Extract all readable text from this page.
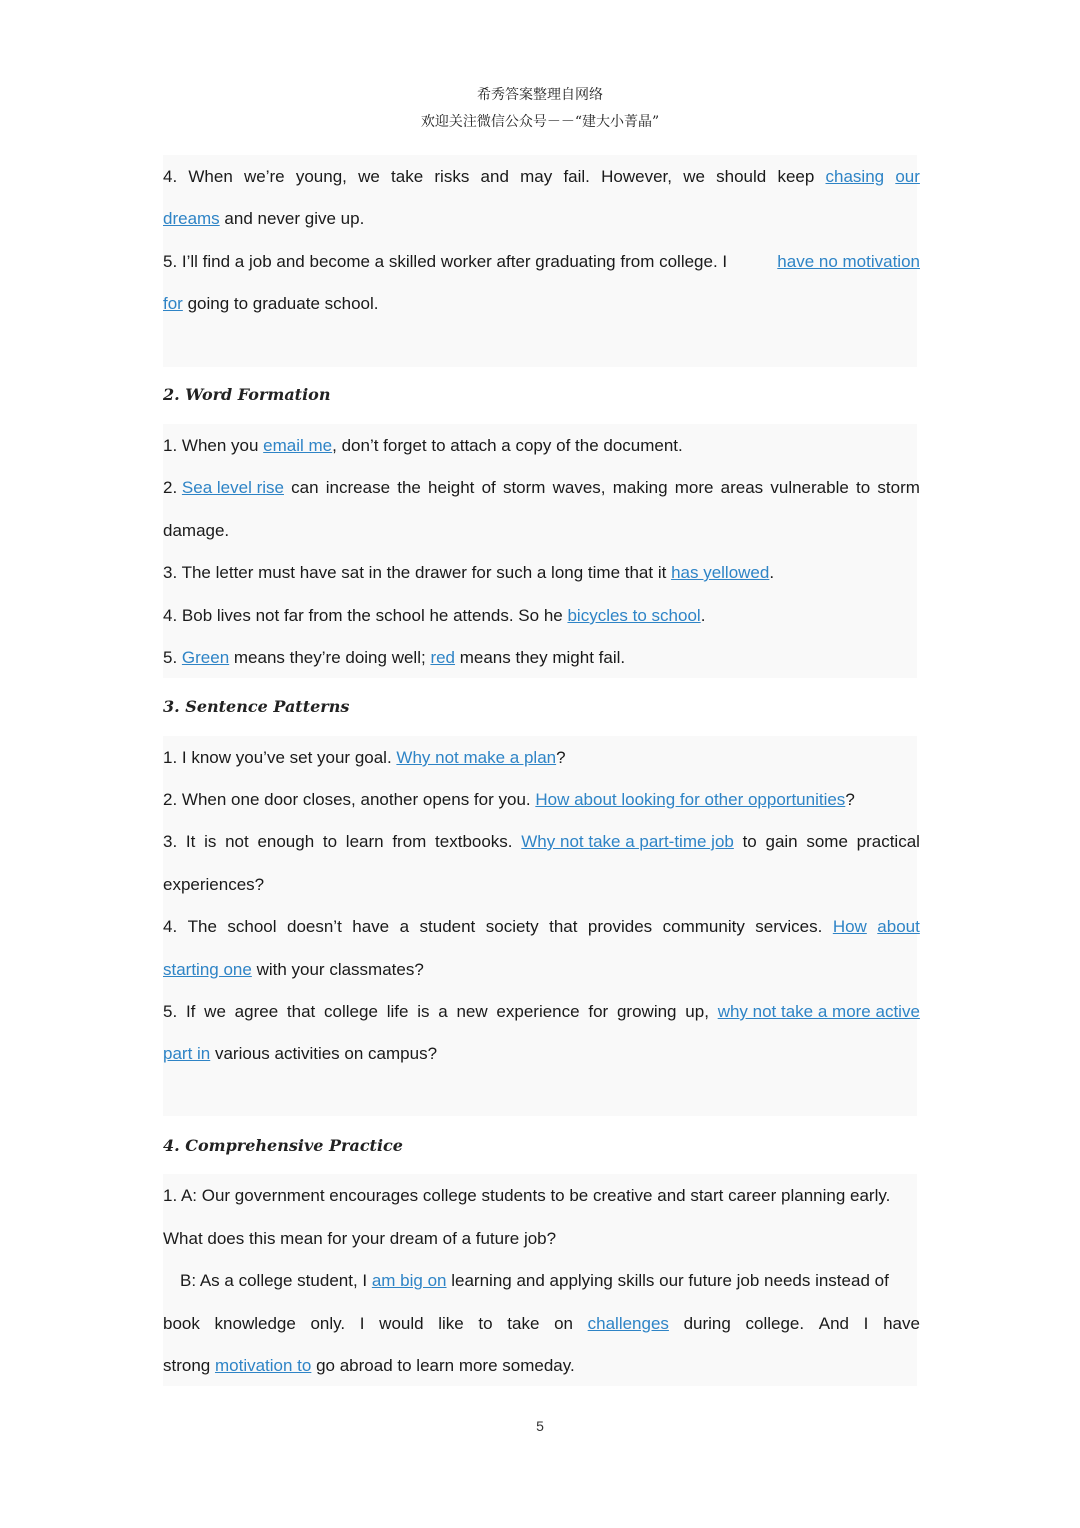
希秀答案整理自网络
欢迎关注微信公众号－－“建大小菁晶”
4. When we’re young, we take risks and may fail. However, we should keep chasing our
dreams and never give up.
5. I’ll find a job and become a skilled worker after graduating from college. I	have no motivation
for going to graduate school.
2. Word Formation
1. When you email me, don’t forget to attach a copy of the document.
2. Sea level rise can increase the height of storm waves, making more areas vulnerable to storm
damage.
3. The letter must have sat in the drawer for such a long time that it has yellowed.
4. Bob lives not far from the school he attends. So he bicycles to school.
5. Green means they’re doing well; red means they might fail.
3. Sentence Patterns
1. I know you’ve set your goal. Why not make a plan?
2. When one door closes, another opens for you. How about looking for other opportunities?
3. It is not enough to learn from textbooks. Why not take a part-time job to gain some practical
experiences?
4. The school doesn’t have a student society that provides community services. How about
starting one with your classmates?
5. If we agree that college life is a new experience for growing up, why not take a more active
part in various activities on campus?
4. Comprehensive Practice
1. A: Our government encourages college students to be creative and start career planning early.
What does this mean for your dream of a future job?
B: As a college student, I am big on learning and applying skills our future job needs instead of
book knowledge only. I would like to take on challenges during college. And I have
strong motivation to go abroad to learn more someday.
5
